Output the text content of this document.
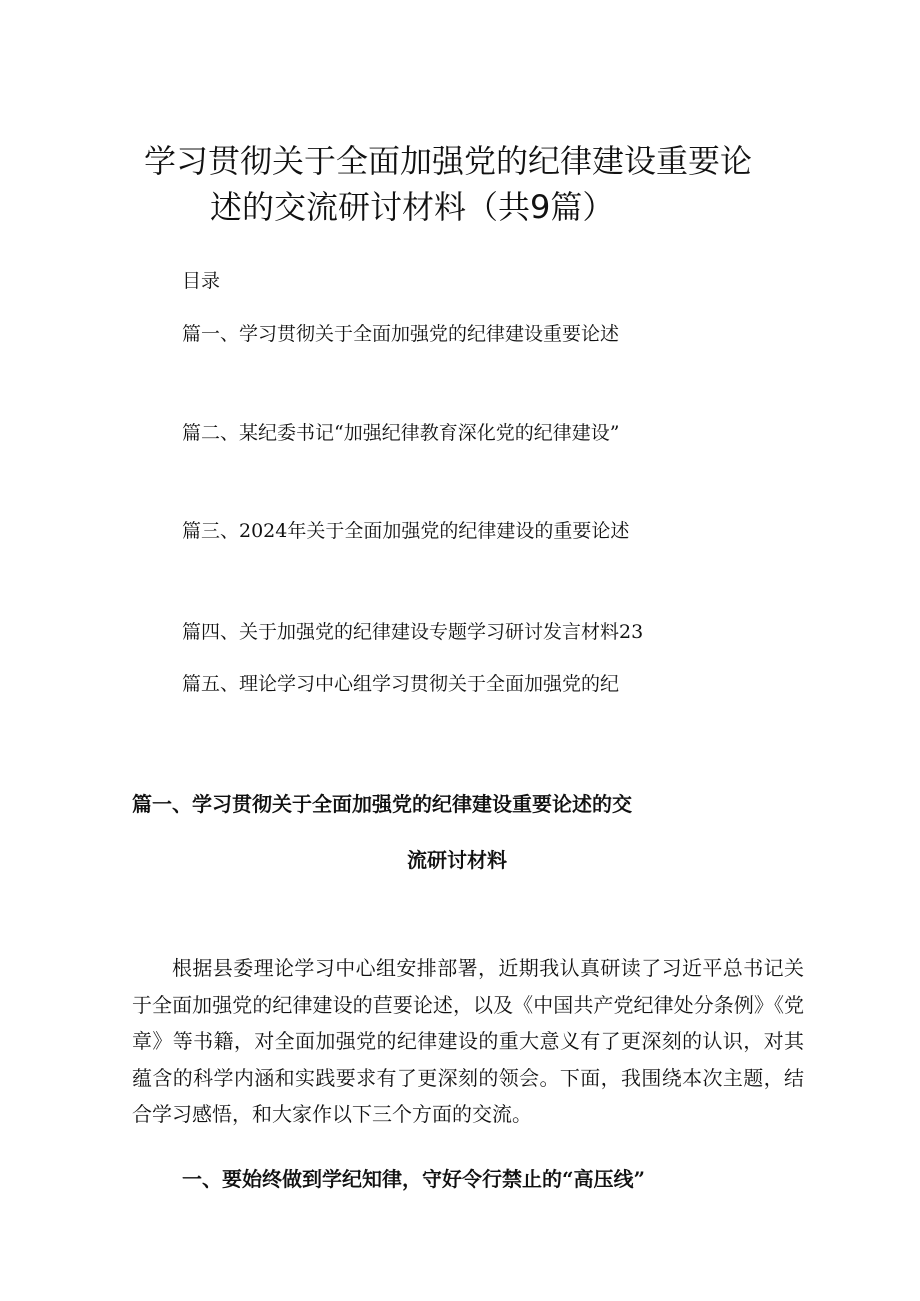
学习贯彻关于全面加强党的纪律建设重要论
述的交流研讨材料（共9篇）
目录
篇一、学习贯彻关于全面加强党的纪律建设重要论述
篇二、某纪委书记“加强纪律教育深化党的纪律建设”
篇三、2024年关于全面加强党的纪律建设的重要论述
篇四、关于加强党的纪律建设专题学习研讨发言材料23
篇五、理论学习中心组学习贯彻关于全面加强党的纪
篇一、学习贯彻关于全面加强党的纪律建设重要论述的交
流研讨材料

根据县委理论学习中心组安排部署，近期我认真研读了习近平总书记关于全面加强党的纪律建设的苣要论述，以及《中国共产党纪律处分条例》《党章》等书籍，对全面加强党的纪律建设的重大意义有了更深刻的认识，对其蕴含的科学内涵和实践要求有了更深刻的领会。下面，我围绕本次主题，结合学习感悟，和大家作以下三个方面的交流。

一、要始终做到学纪知律，守好令行禁止的“高压线”
